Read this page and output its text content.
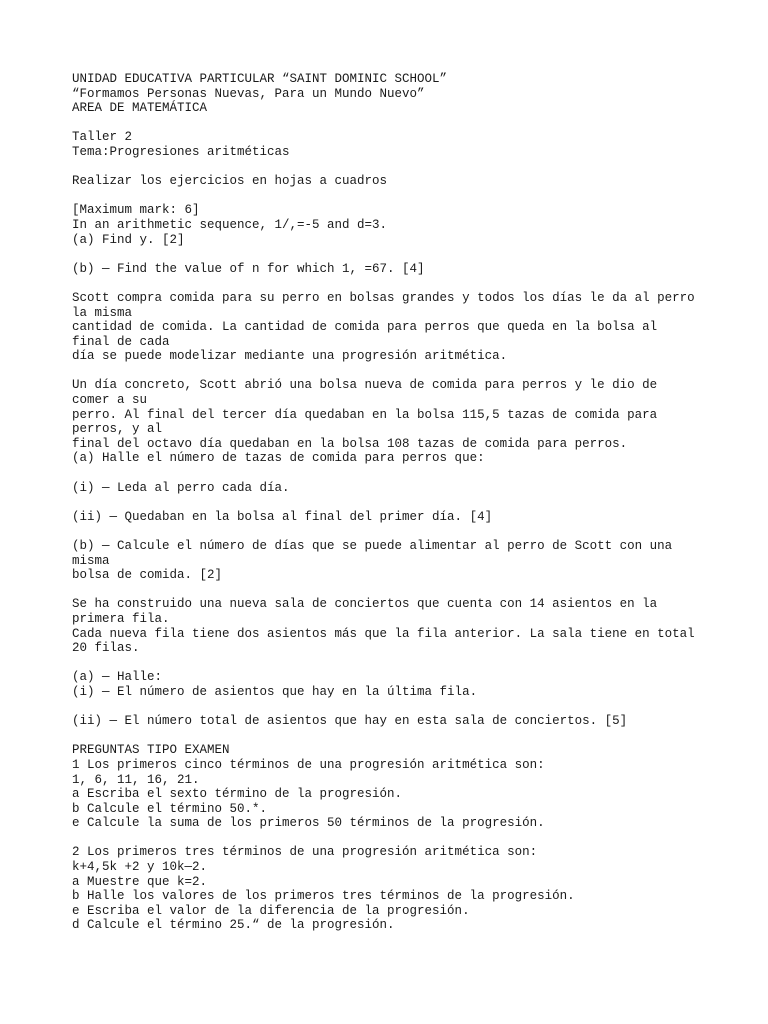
UNIDAD EDUCATIVA PARTICULAR “SAINT DOMINIC SCHOOL”
“Formamos Personas Nuevas, Para un Mundo Nuevo”
AREA DE MATEMÁTICA
Taller 2
Tema:Progresiones aritméticas
Realizar los ejercicios en hojas a cuadros
[Maximum mark: 6]
In an arithmetic sequence, 1/,=-5 and d=3.
(a) Find y. [2]
(b) — Find the value of n for which 1, =67. [4]
Scott compra comida para su perro en bolsas grandes y todos los días le da al perro
la misma
cantidad de comida. La cantidad de comida para perros que queda en la bolsa al
final de cada
día se puede modelizar mediante una progresión aritmética.
Un día concreto, Scott abrió una bolsa nueva de comida para perros y le dio de
comer a su
perro. Al final del tercer día quedaban en la bolsa 115,5 tazas de comida para
perros, y al
final del octavo día quedaban en la bolsa 108 tazas de comida para perros.
(a) Halle el número de tazas de comida para perros que:
(i) — Leda al perro cada día.
(ii) — Quedaban en la bolsa al final del primer día. [4]
(b) — Calcule el número de días que se puede alimentar al perro de Scott con una
misma
bolsa de comida. [2]
Se ha construido una nueva sala de conciertos que cuenta con 14 asientos en la
primera fila.
Cada nueva fila tiene dos asientos más que la fila anterior. La sala tiene en total
20 filas.
(a) — Halle:
(i) — El número de asientos que hay en la última fila.
(ii) — El número total de asientos que hay en esta sala de conciertos. [5]
PREGUNTAS TIPO EXAMEN
1 Los primeros cinco términos de una progresión aritmética son:
1, 6, 11, 16, 21.
a Escriba el sexto término de la progresión.
b Calcule el término 50.*.
e Calcule la suma de los primeros 50 términos de la progresión.
2 Los primeros tres términos de una progresión aritmética son:
k+4,5k +2 y 10k—2.
a Muestre que k=2.
b Halle los valores de los primeros tres términos de la progresión.
e Escriba el valor de la diferencia de la progresión.
d Calcule el término 25.“ de la progresión.
